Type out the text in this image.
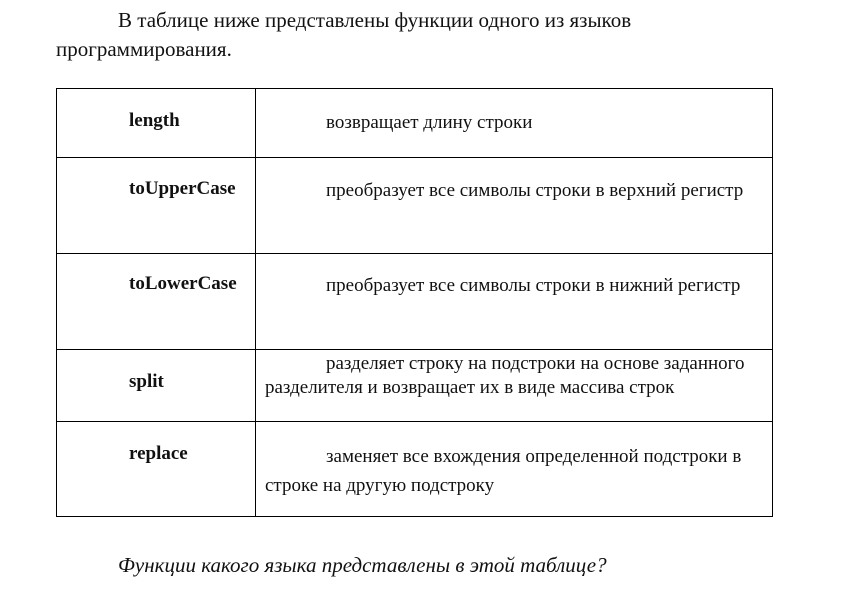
В таблице ниже представлены функции одного из языков программирования.

length	возвращает длину строки

toUpperCase	преобразует все символы строки в верхний регистр

toLowerCase	преобразует все символы строки в нижний регистр

split	разделяет строку на подстроки на основе заданного разделителя и возвращает их в виде массива строк

replace	заменяет все вхождения определенной подстроки в строке на другую подстроку

Функции какого языка представлены в этой таблице?
